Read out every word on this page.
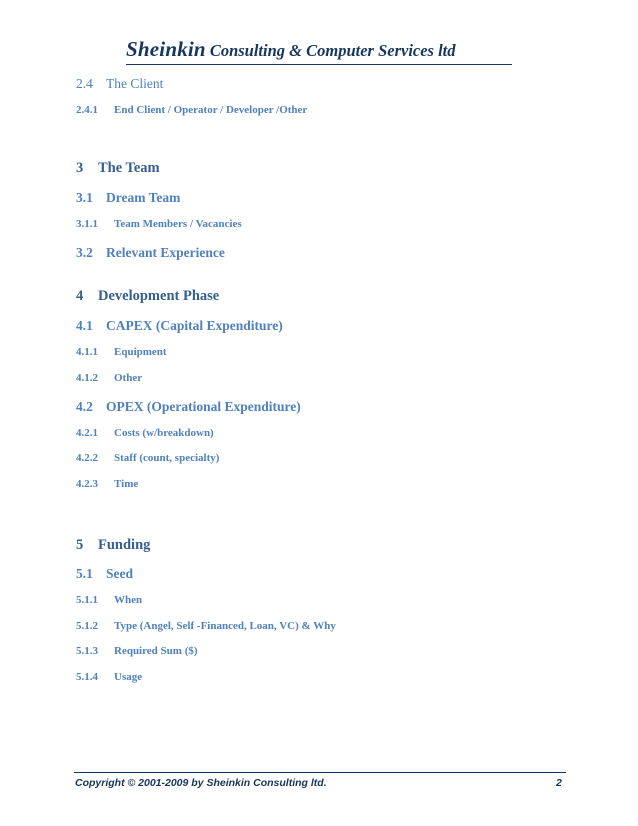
Sheinkin Consulting & Computer Services ltd
2.4 The Client
2.4.1 End Client / Operator / Developer /Other
3 The Team
3.1 Dream Team
3.1.1 Team Members / Vacancies
3.2 Relevant Experience
4 Development Phase
4.1 CAPEX (Capital Expenditure)
4.1.1 Equipment
4.1.2 Other
4.2 OPEX (Operational Expenditure)
4.2.1 Costs (w/breakdown)
4.2.2 Staff (count, specialty)
4.2.3 Time
5 Funding
5.1 Seed
5.1.1 When
5.1.2 Type (Angel, Self -Financed, Loan, VC) & Why
5.1.3 Required Sum ($)
5.1.4 Usage
Copyright © 2001-2009 by Sheinkin Consulting ltd.	2
